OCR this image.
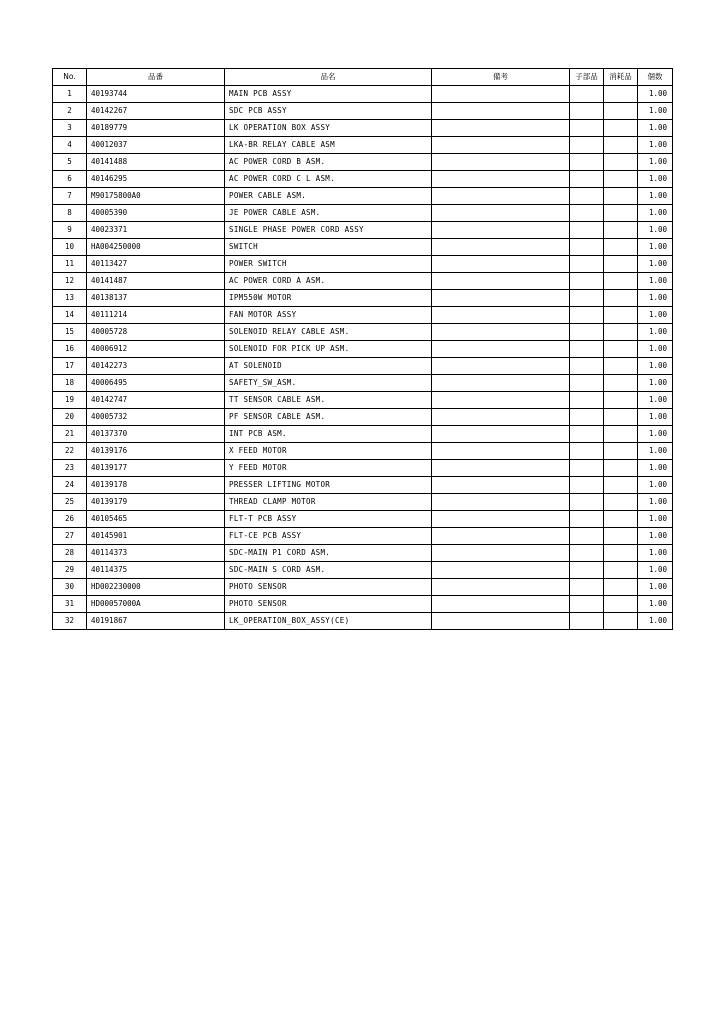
No.	品番	品名	備考	子部品	消耗品	個数
1	40193744	MAIN PCB ASSY				1.00
2	40142267	SDC PCB ASSY				1.00
3	40189779	LK OPERATION BOX ASSY				1.00
4	40012037	LKA-BR RELAY CABLE ASM				1.00
5	40141488	AC POWER CORD B ASM.				1.00
6	40146295	AC POWER CORD C L ASM.				1.00
7	M90175800A0	POWER CABLE ASM.				1.00
8	40005390	JE POWER CABLE ASM.				1.00
9	40023371	SINGLE PHASE POWER CORD ASSY				1.00
10	HA004250000	SWITCH				1.00
11	40113427	POWER SWITCH				1.00
12	40141487	AC POWER CORD A ASM.				1.00
13	40138137	IPM550W MOTOR				1.00
14	40111214	FAN MOTOR ASSY				1.00
15	40005728	SOLENOID RELAY CABLE ASM.				1.00
16	40006912	SOLENOID FOR PICK UP ASM.				1.00
17	40142273	AT SOLENOID				1.00
18	40006495	SAFETY_SW_ASM.				1.00
19	40142747	TT SENSOR CABLE ASM.				1.00
20	40005732	PF SENSOR CABLE ASM.				1.00
21	40137370	INT PCB ASM.				1.00
22	40139176	X FEED MOTOR				1.00
23	40139177	Y FEED MOTOR				1.00
24	40139178	PRESSER LIFTING MOTOR				1.00
25	40139179	THREAD CLAMP MOTOR				1.00
26	40105465	FLT-T PCB ASSY				1.00
27	40145901	FLT-CE PCB ASSY				1.00
28	40114373	SDC-MAIN P1 CORD ASM.				1.00
29	40114375	SDC-MAIN S CORD ASM.				1.00
30	HD002230000	PHOTO SENSOR				1.00
31	HD00057000A	PHOTO SENSOR				1.00
32	40191867	LK_OPERATION_BOX_ASSY(CE)				1.00
